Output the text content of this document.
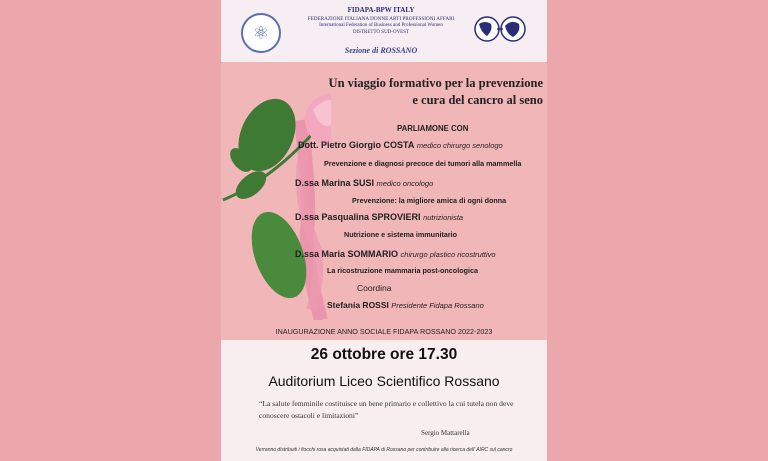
⚛
FIDAPA-BPW ITALY
FEDERAZIONE ITALIANA DONNE ARTI PROFESSIONI AFFARI
International Federation of Business and Professional Women
DISTRETTO SUD-OVEST
Sezione di ROSSANO
Un viaggio formativo per la prevenzione
e cura del cancro al seno
PARLIAMONE CON
Dott. Pietro Giorgio COSTA medico chirurgo senologo
Prevenzione e diagnosi precoce dei tumori alla mammella
D.ssa Marina SUSI medico oncologo
Prevenzione: la migliore amica di ogni donna
D.ssa Pasqualina SPROVIERI nutrizionista
Nutrizione e sistema immunitario
D.ssa Maria SOMMARIO chirurgo plastico ricostruttivo
La ricostruzione mammaria post-oncologica
Coordina
Stefania ROSSI Presidente Fidapa Rossano
INAUGURAZIONE ANNO SOCIALE FIDAPA ROSSANO 2022-2023
26 ottobre ore 17.30
Auditorium Liceo Scientifico Rossano
“La salute femminile costituisce un bene primario e collettivo la cui tutela non deve conoscere ostacoli e limitazioni”
Sergio Mattarella
Verranno distribuiti i fiocchi rosa acquistati dalla FIDAPA di Rossano per contribuire alla ricerca dell’ AIRC sul cancro
